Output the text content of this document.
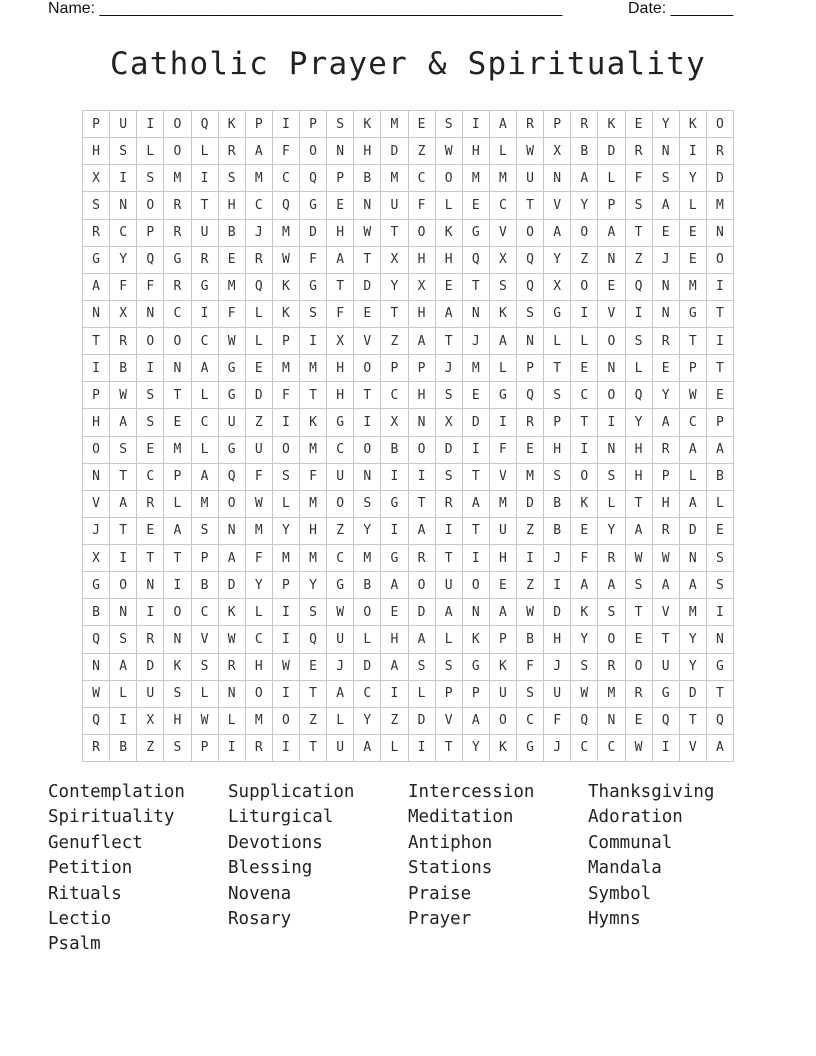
Name: ____________________________________________________	Date: _______
Catholic Prayer & Spirituality
P	U	I	O	Q	K	P	I	P	S	K	M	E	S	I	A	R	P	R	K	E	Y	K	O
H	S	L	O	L	R	A	F	O	N	H	D	Z	W	H	L	W	X	B	D	R	N	I	R
X	I	S	M	I	S	M	C	Q	P	B	M	C	O	M	M	U	N	A	L	F	S	Y	D
S	N	O	R	T	H	C	Q	G	E	N	U	F	L	E	C	T	V	Y	P	S	A	L	M
R	C	P	R	U	B	J	M	D	H	W	T	O	K	G	V	O	A	O	A	T	E	E	N
G	Y	Q	G	R	E	R	W	F	A	T	X	H	H	Q	X	Q	Y	Z	N	Z	J	E	O
A	F	F	R	G	M	Q	K	G	T	D	Y	X	E	T	S	Q	X	O	E	Q	N	M	I
N	X	N	C	I	F	L	K	S	F	E	T	H	A	N	K	S	G	I	V	I	N	G	T
T	R	O	O	C	W	L	P	I	X	V	Z	A	T	J	A	N	L	L	O	S	R	T	I
I	B	I	N	A	G	E	M	M	H	O	P	P	J	M	L	P	T	E	N	L	E	P	T
P	W	S	T	L	G	D	F	T	H	T	C	H	S	E	G	Q	S	C	O	Q	Y	W	E
H	A	S	E	C	U	Z	I	K	G	I	X	N	X	D	I	R	P	T	I	Y	A	C	P
O	S	E	M	L	G	U	O	M	C	O	B	O	D	I	F	E	H	I	N	H	R	A	A
N	T	C	P	A	Q	F	S	F	U	N	I	I	S	T	V	M	S	O	S	H	P	L	B
V	A	R	L	M	O	W	L	M	O	S	G	T	R	A	M	D	B	K	L	T	H	A	L
J	T	E	A	S	N	M	Y	H	Z	Y	I	A	I	T	U	Z	B	E	Y	A	R	D	E
X	I	T	T	P	A	F	M	M	C	M	G	R	T	I	H	I	J	F	R	W	W	N	S
G	O	N	I	B	D	Y	P	Y	G	B	A	O	U	O	E	Z	I	A	A	S	A	A	S
B	N	I	O	C	K	L	I	S	W	O	E	D	A	N	A	W	D	K	S	T	V	M	I
Q	S	R	N	V	W	C	I	Q	U	L	H	A	L	K	P	B	H	Y	O	E	T	Y	N
N	A	D	K	S	R	H	W	E	J	D	A	S	S	G	K	F	J	S	R	O	U	Y	G
W	L	U	S	L	N	O	I	T	A	C	I	L	P	P	U	S	U	W	M	R	G	D	T
Q	I	X	H	W	L	M	O	Z	L	Y	Z	D	V	A	O	C	F	Q	N	E	Q	T	Q
R	B	Z	S	P	I	R	I	T	U	A	L	I	T	Y	K	G	J	C	C	W	I	V	A
Contemplation	Supplication	Intercession	Thanksgiving
Spirituality	Liturgical	Meditation	Adoration
Genuflect	Devotions	Antiphon	Communal
Petition	Blessing	Stations	Mandala
Rituals	Novena	Praise	Symbol
Lectio	Rosary	Prayer	Hymns
Psalm
